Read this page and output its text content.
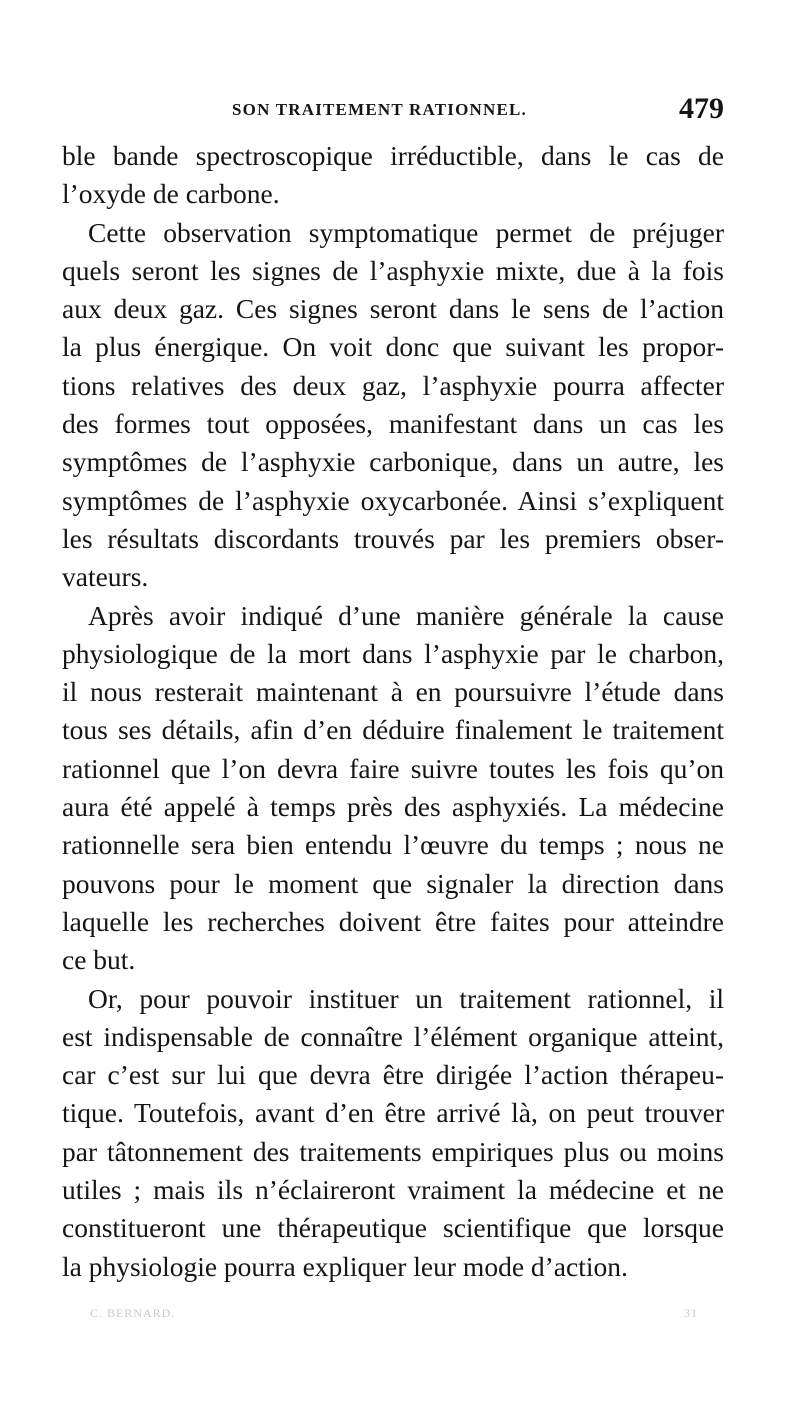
SON TRAITEMENT RATIONNEL.	479
ble bande spectroscopique irréductible, dans le cas de
l’oxyde de carbone.
Cette observation symptomatique permet de préjuger
quels seront les signes de l’asphyxie mixte, due à la fois
aux deux gaz. Ces signes seront dans le sens de l’action
la plus énergique. On voit donc que suivant les propor-
tions relatives des deux gaz, l’asphyxie pourra affecter
des formes tout opposées, manifestant dans un cas les
symptômes de l’asphyxie carbonique, dans un autre, les
symptômes de l’asphyxie oxycarbonée. Ainsi s’expliquent
les résultats discordants trouvés par les premiers obser-
vateurs.
Après avoir indiqué d’une manière générale la cause
physiologique de la mort dans l’asphyxie par le charbon,
il nous resterait maintenant à en poursuivre l’étude dans
tous ses détails, afin d’en déduire finalement le traitement
rationnel que l’on devra faire suivre toutes les fois qu’on
aura été appelé à temps près des asphyxiés. La médecine
rationnelle sera bien entendu l’œuvre du temps ; nous ne
pouvons pour le moment que signaler la direction dans
laquelle les recherches doivent être faites pour atteindre
ce but.
Or, pour pouvoir instituer un traitement rationnel, il
est indispensable de connaître l’élément organique atteint,
car c’est sur lui que devra être dirigée l’action thérapeu-
tique. Toutefois, avant d’en être arrivé là, on peut trouver
par tâtonnement des traitements empiriques plus ou moins
utiles ; mais ils n’éclaireront vraiment la médecine et ne
constitueront une thérapeutique scientifique que lorsque
la physiologie pourra expliquer leur mode d’action.
C. BERNARD.	31
